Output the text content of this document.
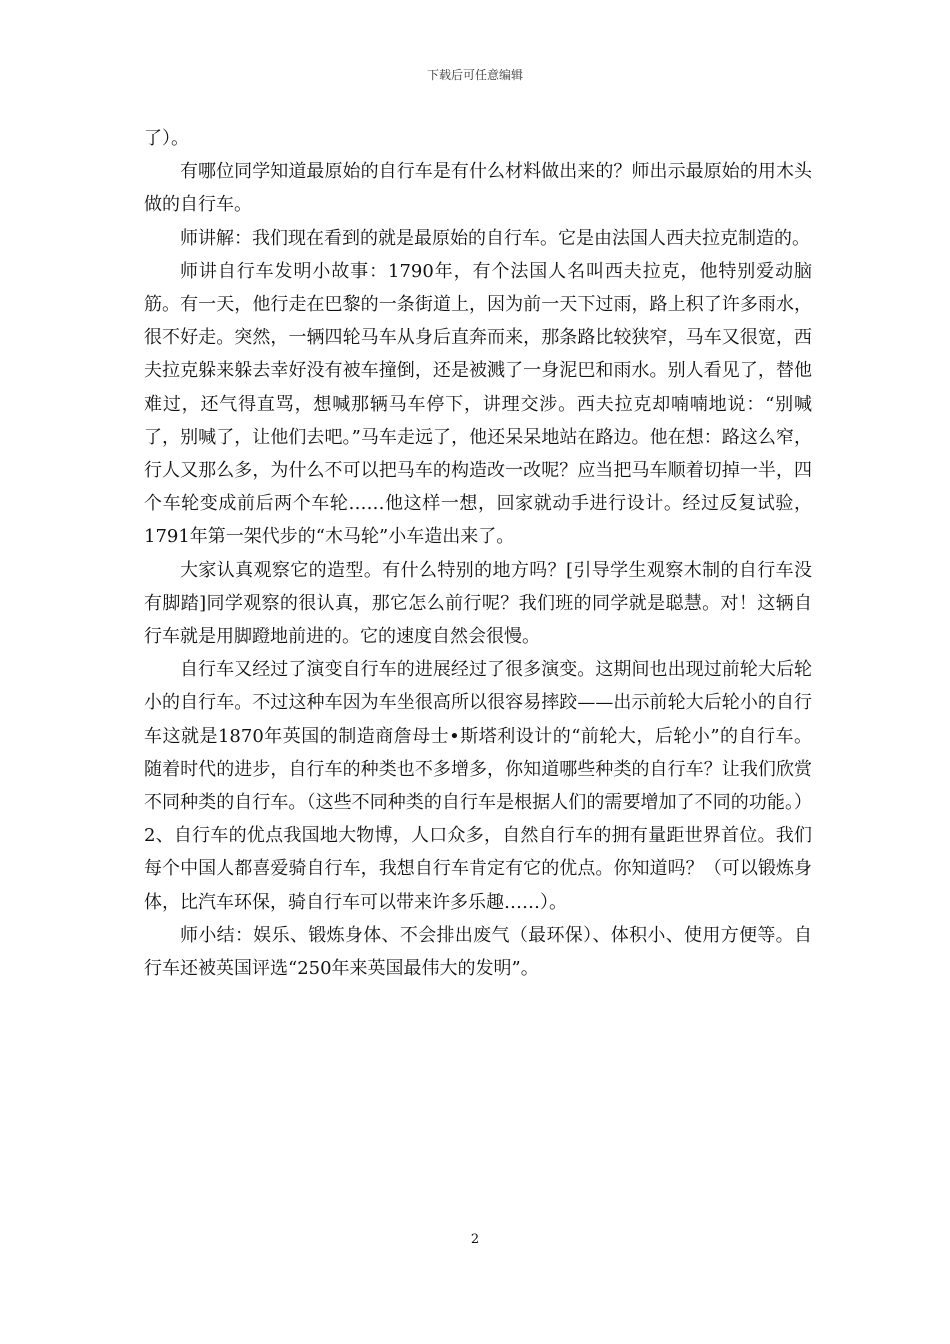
下载后可任意编辑

了）。

有哪位同学知道最原始的自行车是有什么材料做出来的？师出示最原始的用木头做的自行车。

师讲解：我们现在看到的就是最原始的自行车。它是由法国人西夫拉克制造的。

师讲自行车发明小故事：1790年，有个法国人名叫西夫拉克，他特别爱动脑筋。有一天，他行走在巴黎的一条街道上，因为前一天下过雨，路上积了许多雨水，很不好走。突然，一辆四轮马车从身后直奔而来，那条路比较狭窄，马车又很宽，西夫拉克躲来躲去幸好没有被车撞倒，还是被溅了一身泥巴和雨水。别人看见了，替他难过，还气得直骂，想喊那辆马车停下，讲理交涉。西夫拉克却喃喃地说：“别喊了，别喊了，让他们去吧。”马车走远了，他还呆呆地站在路边。他在想：路这么窄，行人又那么多，为什么不可以把马车的构造改一改呢？应当把马车顺着切掉一半，四个车轮变成前后两个车轮……他这样一想，回家就动手进行设计。经过反复试验，1791年第一架代步的“木马轮”小车造出来了。

大家认真观察它的造型。有什么特别的地方吗？[引导学生观察木制的自行车没有脚踏]同学观察的很认真，那它怎么前行呢？我们班的同学就是聪慧。对！这辆自行车就是用脚蹬地前进的。它的速度自然会很慢。

自行车又经过了演变自行车的进展经过了很多演变。这期间也出现过前轮大后轮小的自行车。不过这种车因为车坐很高所以很容易摔跤——出示前轮大后轮小的自行车这就是1870年英国的制造商詹母士•斯塔利设计的“前轮大，后轮小”的自行车。随着时代的进步，自行车的种类也不多增多，你知道哪些种类的自行车？让我们欣赏不同种类的自行车。（这些不同种类的自行车是根据人们的需要增加了不同的功能。）2、自行车的优点我国地大物博，人口众多，自然自行车的拥有量距世界首位。我们每个中国人都喜爱骑自行车，我想自行车肯定有它的优点。你知道吗？（可以锻炼身体，比汽车环保，骑自行车可以带来许多乐趣……）。

师小结：娱乐、锻炼身体、不会排出废气（最环保）、体积小、使用方便等。自行车还被英国评选“250年来英国最伟大的发明”。

2
